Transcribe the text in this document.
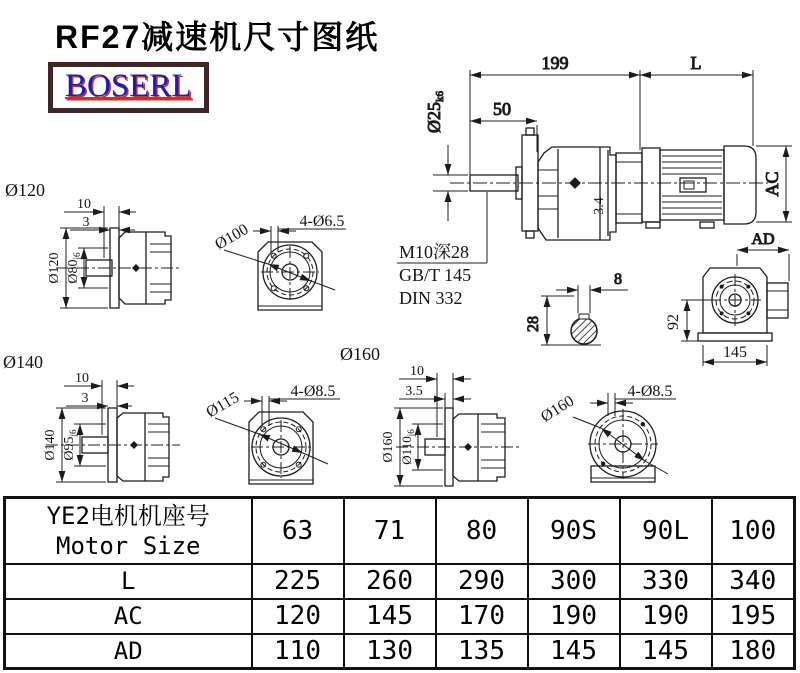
RF27减速机尺寸图纸
BOSERL
3.4
199	L
50
Ø25k6
AC
AD
M10深28
GB/T 145
DIN 332
8
28	92
145
Ø120
10
3
Ø120 $Ø80_{j6}$
4-Ø6.5
Ø100
Ø140
10
3
Ø140 $Ø95_{j6}$
4-Ø8.5
Ø115
Ø160
10
3.5
Ø160 $Ø110_{j6}$
4-Ø8.5
Ø160
YE2电机机座号
Motor Size	63	71	80	90S	90L	100
L	225	260	290	300	330	340
AC	120	145	170	190	190	195
AD	110	130	135	145	145	180
